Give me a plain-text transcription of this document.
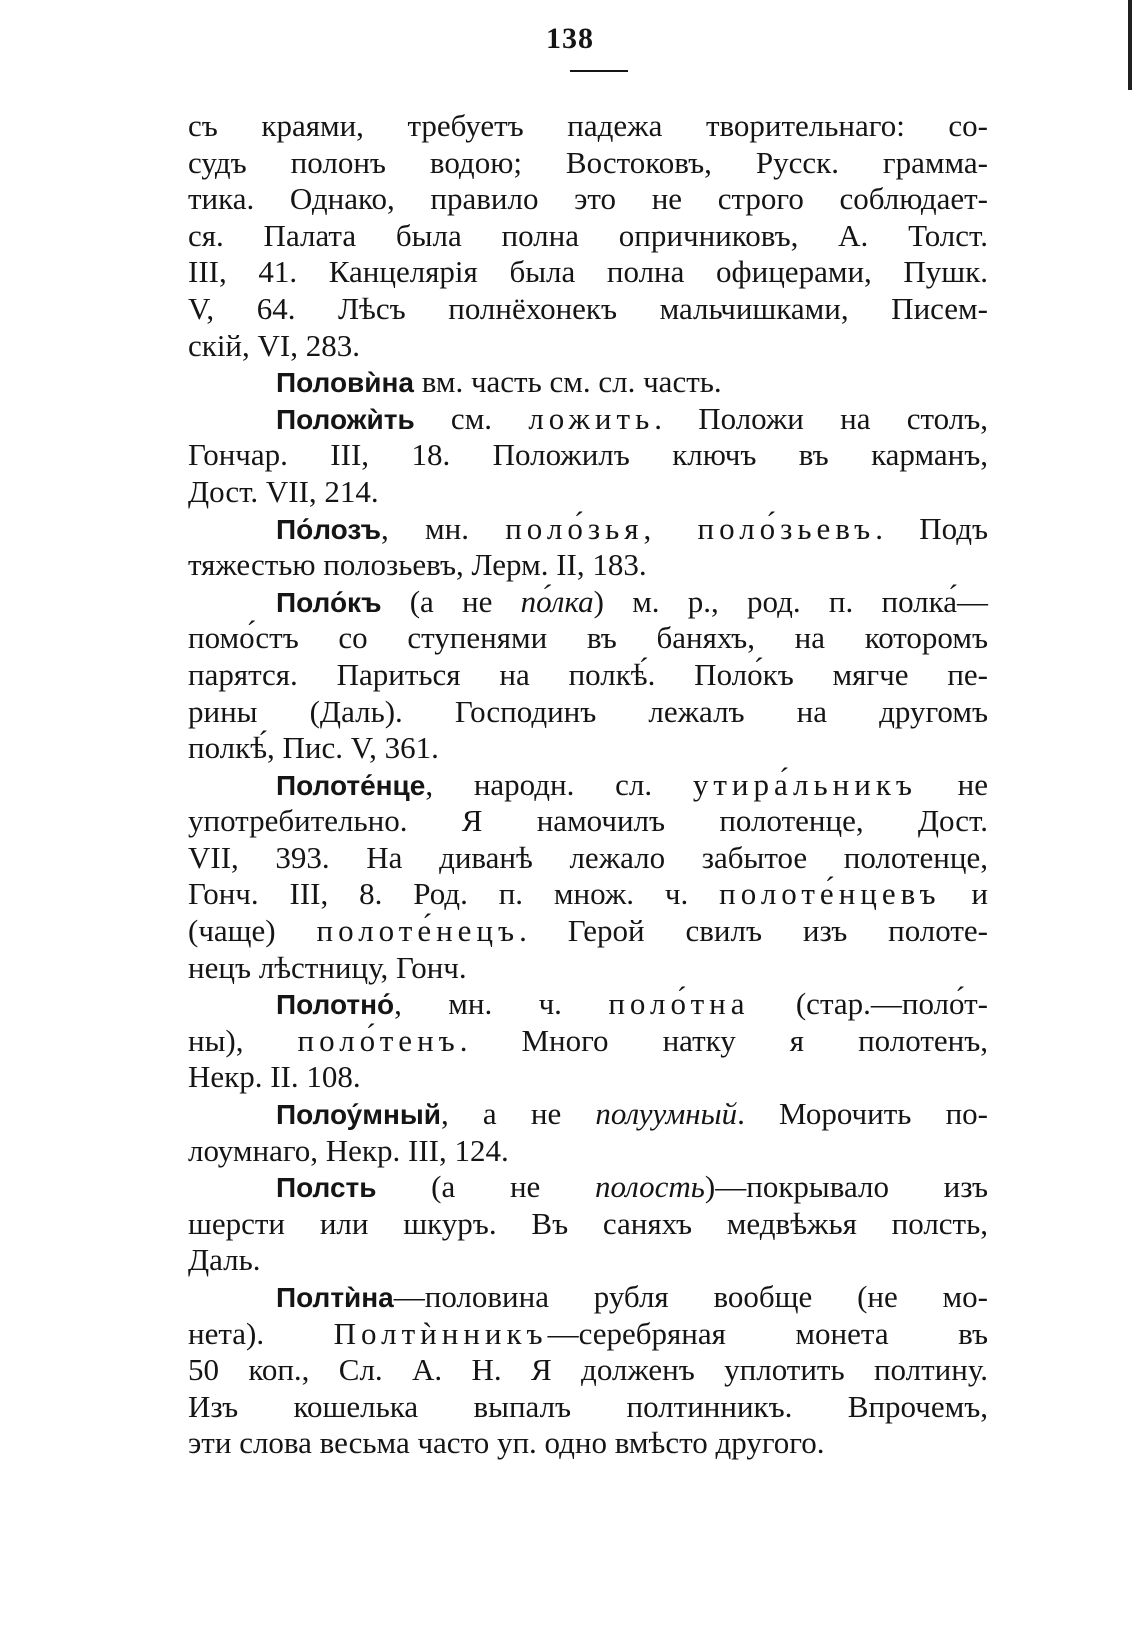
138
съ краями, требуетъ падежа творительнаго: со-
судъ полонъ водою; Востоковъ, Русск. грамма-
тика. Однако, правило это не строго соблюдает-
ся. Палата была полна опричниковъ, А. Толст.
III, 41. Канцелярія была полна офицерами, Пушк.
V, 64. Лѣсъ полнёхонекъ мальчишками, Писем-
скій, VI, 283.
Половѝна вм. часть см. сл. часть.
Положѝть см. ложить. Положи на столъ,
Гончар. III, 18. Положилъ ключъ въ карманъ,
Дост. VII, 214.
По́лозъ, мн. поло́зья, поло́зьевъ. Подъ
тяжестью полозьевъ, Лерм. II, 183.
Поло́къ (а не по́лка) м. р., род. п. полка́—
помо́стъ со ступенями въ баняхъ, на которомъ
парятся. Париться на полкѣ́. Поло́къ мягче пе-
рины (Даль). Господинъ лежалъ на другомъ
полкѣ́, Пис. V, 361.
Полоте́нце, народн. сл. утира́льникъ не
употребительно. Я намочилъ полотенце, Дост.
VII, 393. На диванѣ лежало забытое полотенце,
Гонч. III, 8. Род. п. множ. ч. полоте́нцевъ и
(чаще) полоте́нецъ. Герой свилъ изъ полоте-
нецъ лѣстницу, Гонч.
Полотно́, мн. ч. поло́тна (стар.—поло́т-
ны), поло́тенъ. Много натку я полотенъ,
Некр. II. 108.
Полоу́мный, а не полуумный. Морочить по-
лоумнаго, Некр. III, 124.
Полсть (а не полость)—покрывало изъ
шерсти или шкуръ. Въ саняхъ медвѣжья полсть,
Даль.
Полтѝна—половина рубля вообще (не мо-
нета). Полтѝнникъ—серебряная монета въ
50 коп., Сл. А. Н. Я долженъ уплотить полтину.
Изъ кошелька выпалъ полтинникъ. Впрочемъ,
эти слова весьма часто уп. одно вмѣсто другого.
